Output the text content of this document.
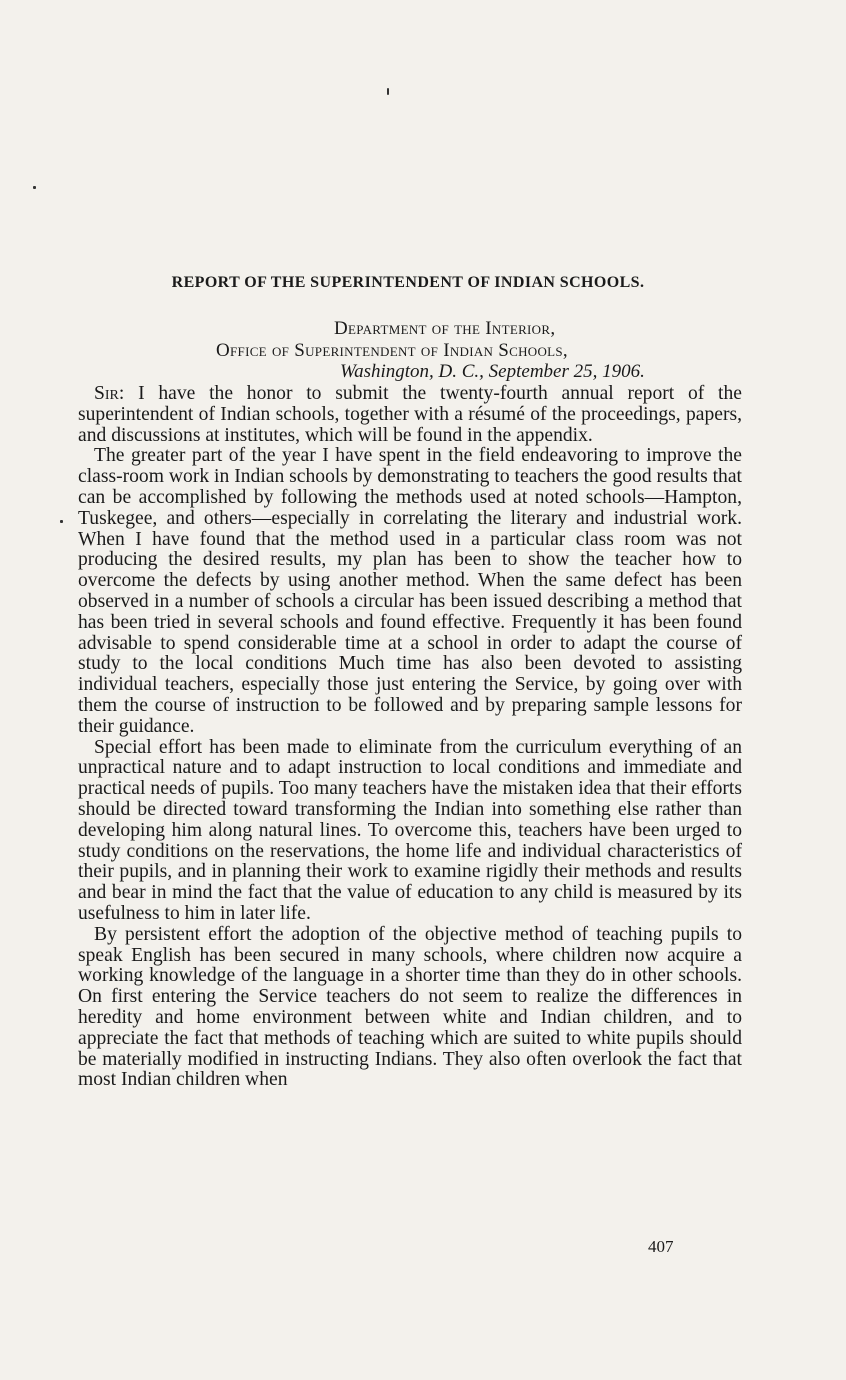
REPORT OF THE SUPERINTENDENT OF INDIAN SCHOOLS.
Department of the Interior,
Office of Superintendent of Indian Schools,
Washington, D. C., September 25, 1906.

Sir: I have the honor to submit the twenty-fourth annual report of the superintendent of Indian schools, together with a résumé of the proceedings, papers, and discussions at institutes, which will be found in the appendix.

The greater part of the year I have spent in the field endeavoring to improve the class-room work in Indian schools by demonstrating to teachers the good results that can be accomplished by following the methods used at noted schools—Hampton, Tuskegee, and others—especially in correlating the literary and industrial work. When I have found that the method used in a particular class room was not producing the desired results, my plan has been to show the teacher how to overcome the defects by using another method. When the same defect has been observed in a number of schools a circular has been issued describing a method that has been tried in several schools and found effective. Frequently it has been found advisable to spend considerable time at a school in order to adapt the course of study to the local conditions Much time has also been devoted to assisting individual teachers, especially those just entering the Service, by going over with them the course of instruction to be followed and by preparing sample lessons for their guidance.

Special effort has been made to eliminate from the curriculum everything of an unpractical nature and to adapt instruction to local conditions and immediate and practical needs of pupils. Too many teachers have the mistaken idea that their efforts should be directed toward transforming the Indian into something else rather than developing him along natural lines. To overcome this, teachers have been urged to study conditions on the reservations, the home life and individual characteristics of their pupils, and in planning their work to examine rigidly their methods and results and bear in mind the fact that the value of education to any child is measured by its usefulness to him in later life.

By persistent effort the adoption of the objective method of teaching pupils to speak English has been secured in many schools, where children now acquire a working knowledge of the language in a shorter time than they do in other schools. On first entering the Service teachers do not seem to realize the differences in heredity and home environment between white and Indian children, and to appreciate the fact that methods of teaching which are suited to white pupils should be materially modified in instructing Indians. They also often overlook the fact that most Indian children when

407
